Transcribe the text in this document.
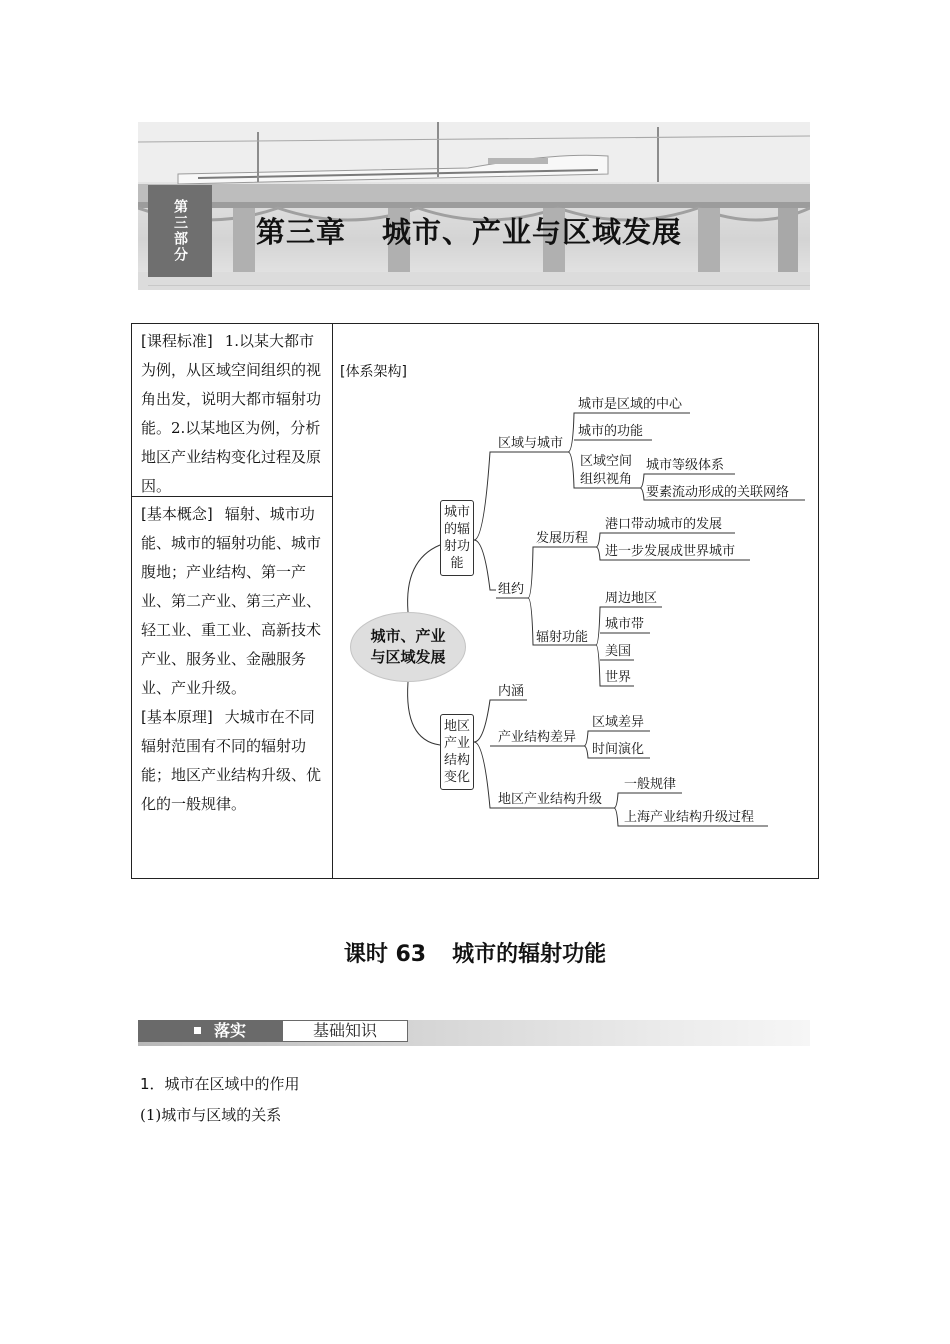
第三部分	第三章 城市、产业与区域发展
[课程标准] 1.以某大都市为例，从区域空间组织的视角出发，说明大都市辐射功能。2.以某地区为例，分析地区产业结构变化过程及原因。
[基本概念] 辐射、城市功能、城市的辐射功能、城市腹地；产业结构、第一产业、第二产业、第三产业、轻工业、重工业、高新技术产业、服务业、金融服务业、产业升级。
[基本原理] 大城市在不同辐射范围有不同的辐射功能；地区产业结构升级、优化的一般规律。
[体系架构]
城市、产业
与区域发展
城市
的辐
射功
能
区域与城市
城市是区域的中心
城市的功能
区域空间
组织视角
城市等级体系
要素流动形成的关联网络
组约
发展历程
港口带动城市的发展
进一步发展成世界城市
辐射功能
周边地区
城市带
美国
世界
地区
产业
结构
变化
内涵
产业结构差异
区域差异
时间演化
地区产业结构升级
一般规律
上海产业结构升级过程
课时 63 城市的辐射功能
落实	基础知识
1．城市在区域中的作用
(1)城市与区域的关系
